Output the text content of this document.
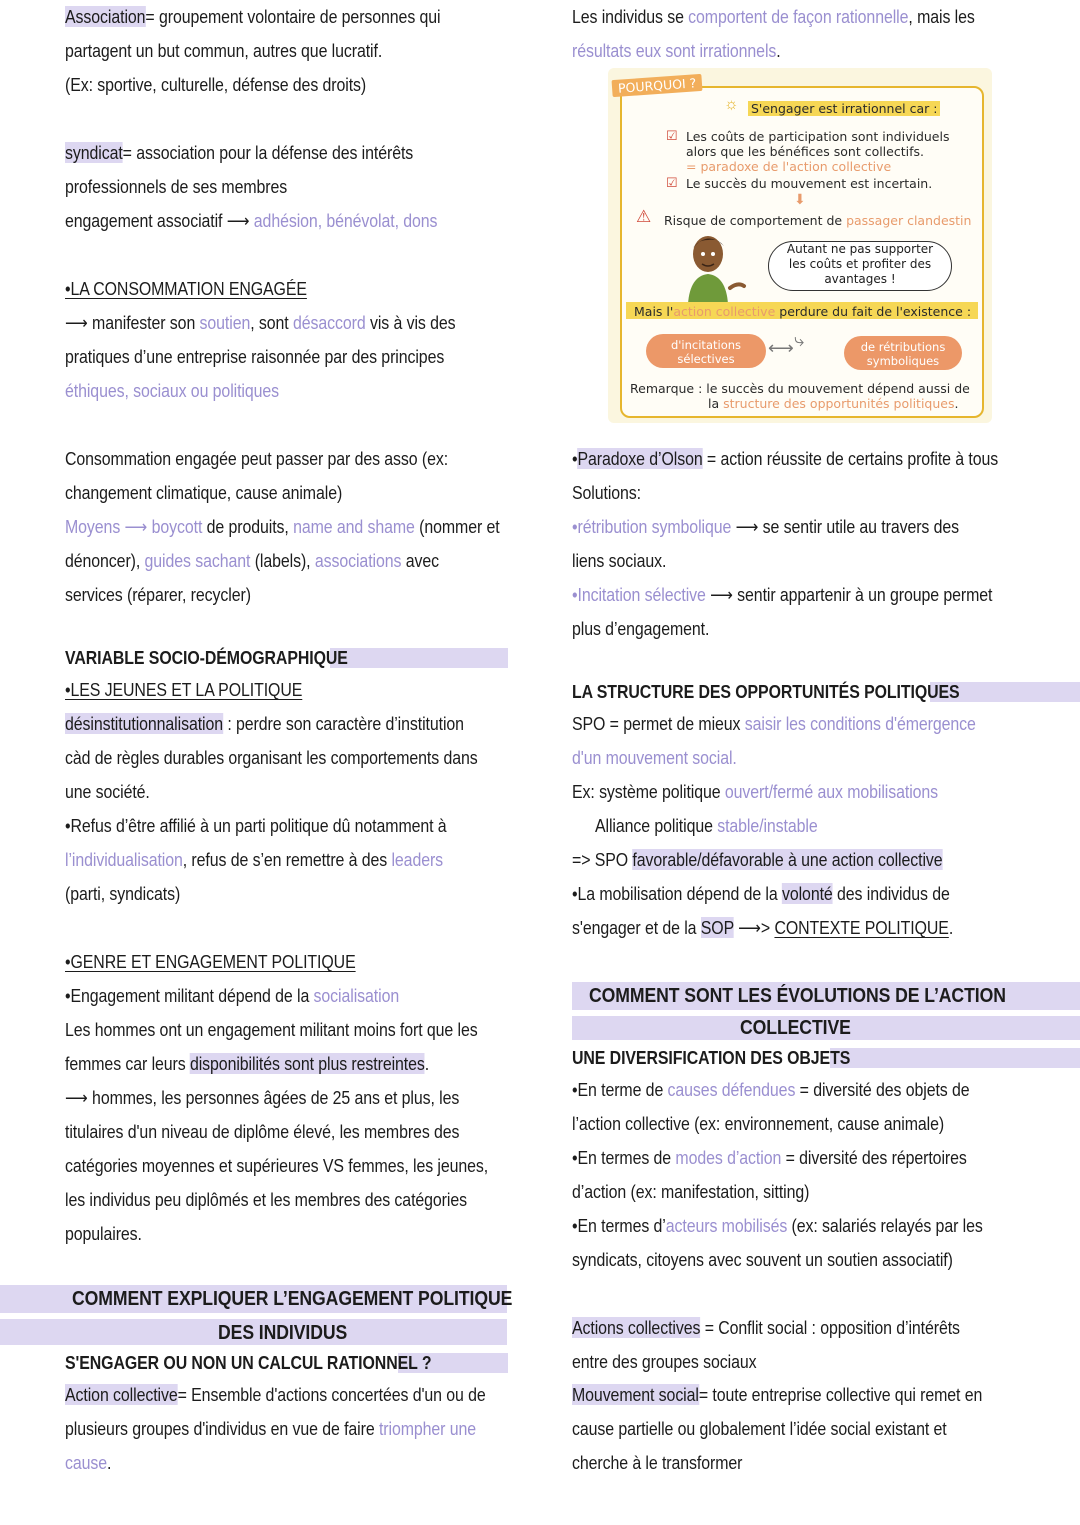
Association= groupement volontaire de personnes qui
partagent un but commun, autres que lucratif.
(Ex: sportive, culturelle, défense des droits)
syndicat= association pour la défense des intérêts
professionnels de ses membres
engagement associatif ⟶ adhésion, bénévolat, dons
•LA CONSOMMATION ENGAGÉE
⟶ manifester son soutien, sont désaccord vis à vis des
pratiques d’une entreprise raisonnée par des principes
éthiques, sociaux ou politiques
Consommation engagée peut passer par des asso (ex:
changement climatique, cause animale)
Moyens ⟶ boycott de produits, name and shame (nommer et
dénoncer), guides sachant (labels), associations avec
services (réparer, recycler)
VARIABLE SOCIO-DÉMOGRAPHIQUE
•LES JEUNES ET LA POLITIQUE
désinstitutionnalisation : perdre son caractère d’institution
càd de règles durables organisant les comportements dans
une société.
•Refus d’être affilié à un parti politique dû notamment à
l’individualisation, refus de s’en remettre à des leaders
(parti, syndicats)
•GENRE ET ENGAGEMENT POLITIQUE
•Engagement militant dépend de la socialisation
Les hommes ont un engagement militant moins fort que les
femmes car leurs disponibilités sont plus restreintes.
⟶ hommes, les personnes âgées de 25 ans et plus, les
titulaires d'un niveau de diplôme élevé, les membres des
catégories moyennes et supérieures VS femmes, les jeunes,
les individus peu diplômés et les membres des catégories
populaires.
COMMENT EXPLIQUER L’ENGAGEMENT POLITIQUE
DES INDIVIDUS
S'ENGAGER OU NON UN CALCUL RATIONNEL ?
Action collective= Ensemble d'actions concertées d'un ou de
plusieurs groupes d'individus en vue de faire triompher une
cause.
Les individus se comportent de façon rationnelle, mais les
résultats eux sont irrationnels.
•Paradoxe d’Olson = action réussite de certains profite à tous
Solutions:
•rétribution symbolique ⟶ se sentir utile au travers des
liens sociaux.
•Incitation sélective ⟶ sentir appartenir à un groupe permet
plus d’engagement.
LA STRUCTURE DES OPPORTUNITÉS POLITIQUES
SPO = permet de mieux saisir les conditions d'émergence
d'un mouvement social.
Ex: système politique ouvert/fermé aux mobilisations
Alliance politique stable/instable
=> SPO favorable/défavorable à une action collective
•La mobilisation dépend de la volonté des individus de
s'engager et de la SOP ⟶> CONTEXTE POLITIQUE.
COMMENT SONT LES ÉVOLUTIONS DE L’ACTION
COLLECTIVE
UNE DIVERSIFICATION DES OBJETS
•En terme de causes défendues = diversité des objets de
l’action collective (ex: environnement, cause animale)
•En termes de modes d’action = diversité des répertoires
d’action (ex: manifestation, sitting)
•En termes d’acteurs mobilisés (ex: salariés relayés par les
syndicats, citoyens avec souvent un soutien associatif)
Actions collectives = Conflit social : opposition d’intérêts
entre des groupes sociaux
Mouvement social= toute entreprise collective qui remet en
cause partielle ou globalement l’idée social existant et
cherche à le transformer
POURQUOI ?
☼ S'engager est irrationnel car :
☑ Les coûts de participation sont individuels
alors que les bénéfices sont collectifs.
= paradoxe de l'action collective
☑ Le succès du mouvement est incertain.
⬇
⚠ Risque de comportement de passager clandestin
Autant ne pas supporter
les coûts et profiter des
avantages !
Mais l'action collective perdure du fait de l'existence :
d'incitations
sélectives
⟷ ⤷	de rétributions
symboliques
Remarque : le succès du mouvement dépend aussi de
la structure des opportunités politiques.
